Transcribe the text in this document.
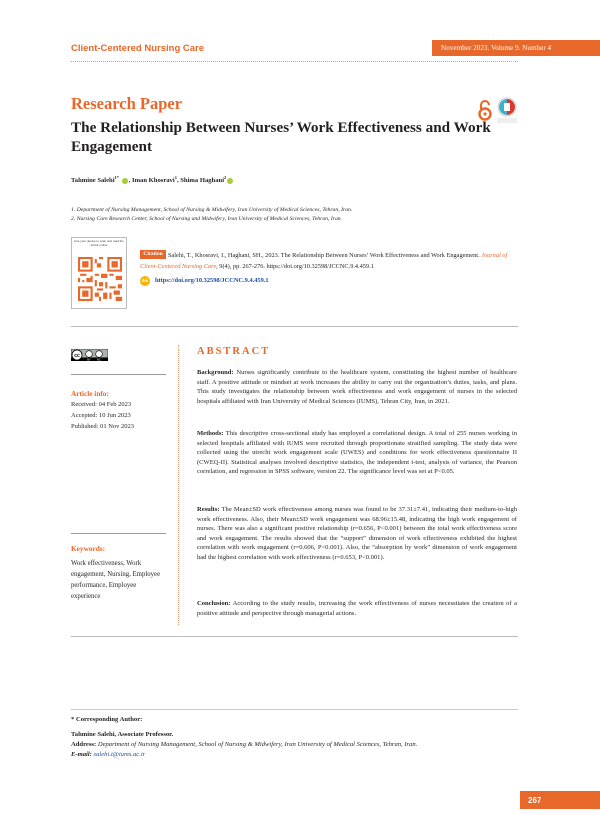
Client-Centered Nursing Care	November 2023. Volume 9. Number 4
Research Paper
The Relationship Between Nurses’ Work Effectiveness and Work Engagement
Tahmine Salehi$^{1*}$ , Iman Khosravi$^1$, Shima Haghani$^2$
1. Department of Nursing Management, School of Nursing & Midwifery, Iran University of Medical Sciences, Tehran, Iran.
2. Nursing Care Research Center, School of Nursing and Midwifery, Iran University of Medical Sciences, Tehran, Iran.
Use your device to scan and read the article online
Salehi, T., Khosravi, I., Haghani, SH., 2023. The Relationship Between Nurses’ Work Effectiveness and Work Engagement. Journal of Client-Centered Nursing Care, 9(4), pp. 267-276. https://doi.org/10.32598/JCCNC.9.4.459.1
Citation
doi https://doi.org/10.32598/JCCNC.9.4.459.1
cc
BY NC
Article info:
Received: 04 Feb 2023
Accepted: 10 Jun 2023
Published: 01 Nov 2023
Keywords:
Work effectiveness, Work engagement, Nursing, Employee performance, Employee experience
ABSTRACT
Background: Nurses significantly contribute to the healthcare system, constituting the highest number of healthcare staff. A positive attitude or mindset at work increases the ability to carry out the organization’s duties, tasks, and plans. This study investigates the relationship between work effectiveness and work engagement of nurses in the selected hospitals affiliated with Iran University of Medical Sciences (IUMS), Tehran City, Iran, in 2021.
Methods: This descriptive cross-sectional study has employed a correlational design. A total of 255 nurses working in selected hospitals affiliated with IUMS were recruited through proportionate stratified sampling. The study data were collected using the utrecht work engagement scale (UWES) and conditions for work effectiveness questionnaire II (CWEQ-II). Statistical analyses involved descriptive statistics, the independent t-test, analysis of variance, the Pearson correlation, and regression in SPSS software, version 22. The significance level was set at P<0.05.
Results: The Mean±SD work effectiveness among nurses was found to be 37.31±7.41, indicating their medium-to-high work effectiveness. Also, their Mean±SD work engagement was 68.96±15.48, indicating the high work engagement of nurses. There was also a significant positive relationship (r=0.656, P<0.001) between the total work effectiveness score and work engagement. The results showed that the “support” dimension of work effectiveness exhibited the highest correlation with work engagement (r=0.606, P<0.001). Also, the “absorption by work” dimension of work engagement had the highest correlation with work effectiveness (r=0.653, P<0.001).
Conclusion: According to the study results, increasing the work effectiveness of nurses necessitates the creation of a positive attitude and perspective through managerial actions.
* Corresponding Author:
Tahmine Salehi, Associate Professor.
Address: Department of Nursing Management, School of Nursing & Midwifery, Iran University of Medical Sciences, Tehran, Iran.
E-mail: salehi.t@iums.ac.ir
267
